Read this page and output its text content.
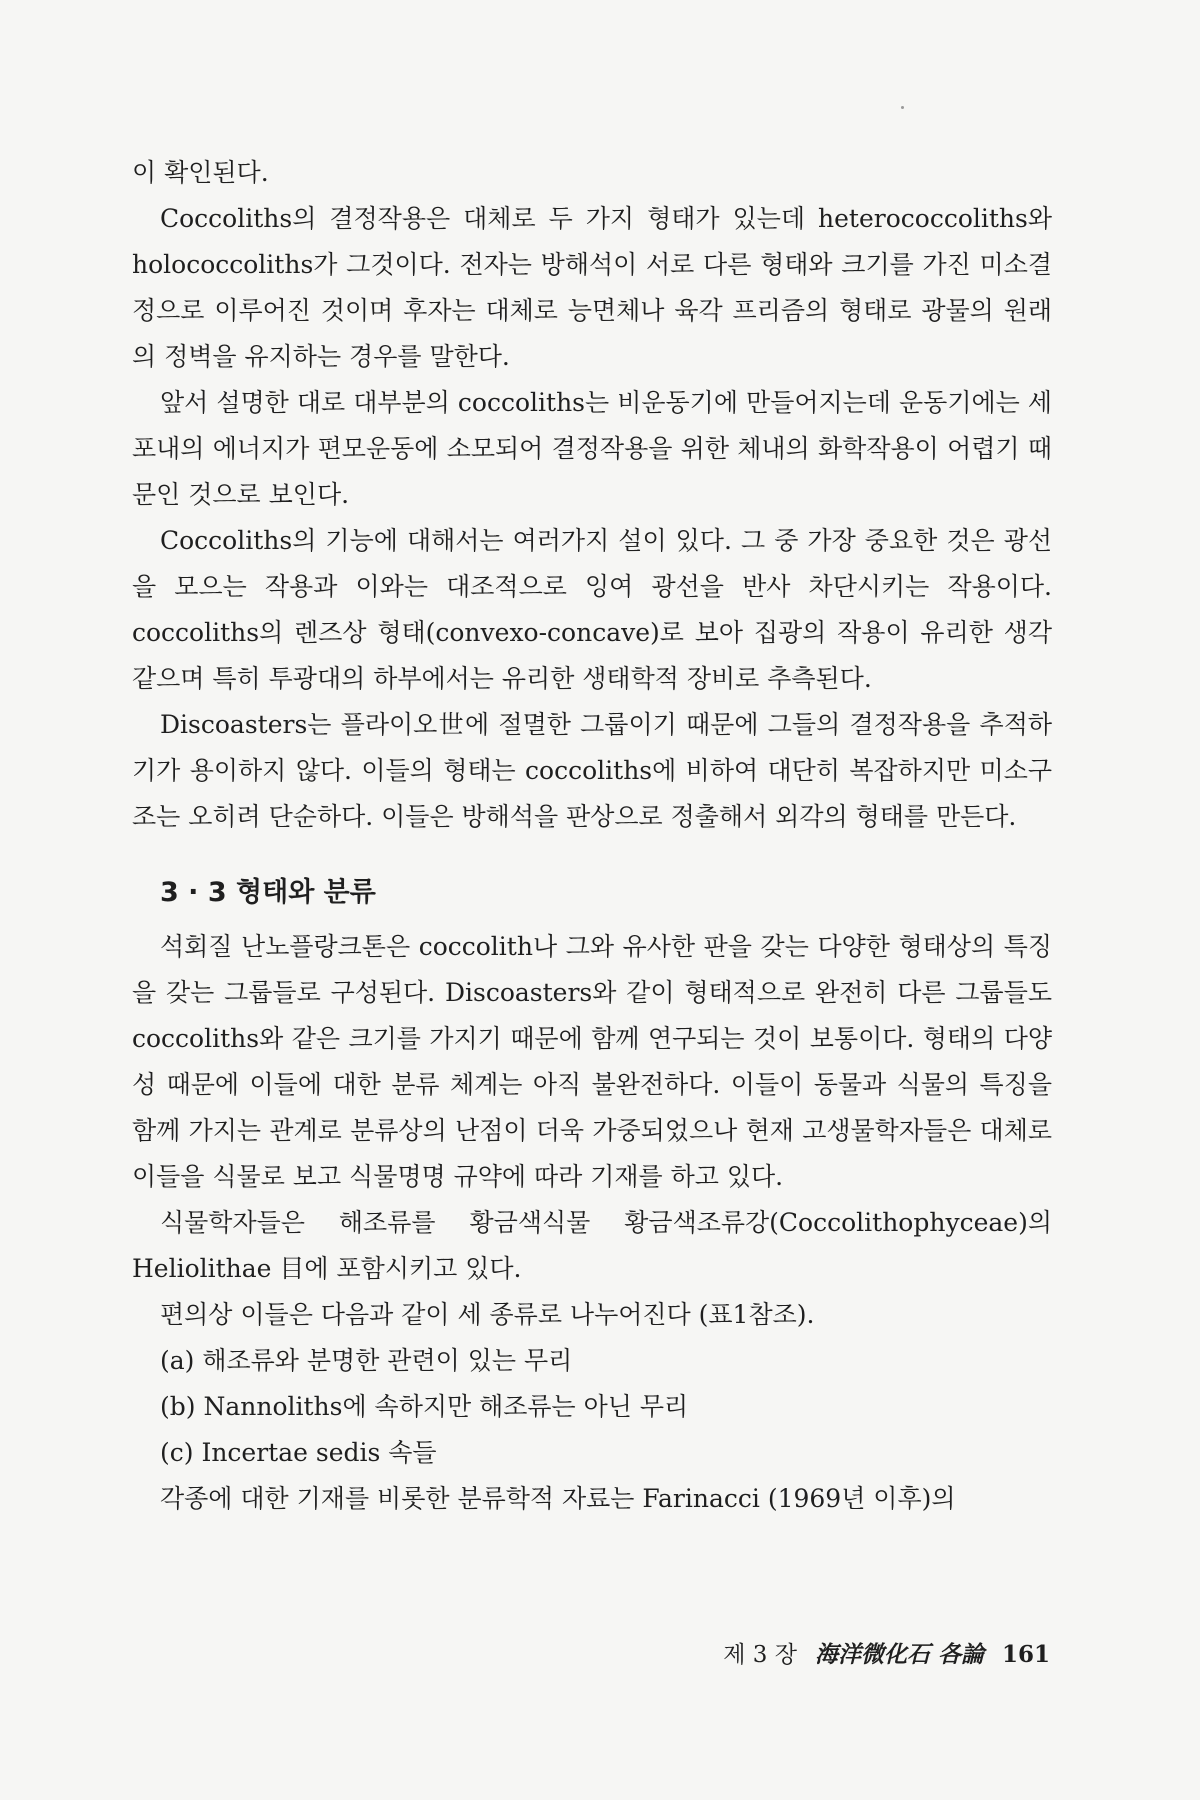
이 확인된다.

Coccoliths의 결정작용은 대체로 두 가지 형태가 있는데 heterococcoliths와 holococcoliths가 그것이다. 전자는 방해석이 서로 다른 형태와 크기를 가진 미소결정으로 이루어진 것이며 후자는 대체로 능면체나 육각 프리즘의 형태로 광물의 원래의 정벽을 유지하는 경우를 말한다.

앞서 설명한 대로 대부분의 coccoliths는 비운동기에 만들어지는데 운동기에는 세포내의 에너지가 편모운동에 소모되어 결정작용을 위한 체내의 화학작용이 어렵기 때문인 것으로 보인다.

Coccoliths의 기능에 대해서는 여러가지 설이 있다. 그 중 가장 중요한 것은 광선을 모으는 작용과 이와는 대조적으로 잉여 광선을 반사 차단시키는 작용이다. coccoliths의 렌즈상 형태(convexo-concave)로 보아 집광의 작용이 유리한 생각 같으며 특히 투광대의 하부에서는 유리한 생태학적 장비로 추측된다.

Discoasters는 플라이오世에 절멸한 그룹이기 때문에 그들의 결정작용을 추적하기가 용이하지 않다. 이들의 형태는 coccoliths에 비하여 대단히 복잡하지만 미소구조는 오히려 단순하다. 이들은 방해석을 판상으로 정출해서 외각의 형태를 만든다.

3 · 3 형태와 분류

석회질 난노플랑크톤은 coccolith나 그와 유사한 판을 갖는 다양한 형태상의 특징을 갖는 그룹들로 구성된다. Discoasters와 같이 형태적으로 완전히 다른 그룹들도 coccoliths와 같은 크기를 가지기 때문에 함께 연구되는 것이 보통이다. 형태의 다양성 때문에 이들에 대한 분류 체계는 아직 불완전하다. 이들이 동물과 식물의 특징을 함께 가지는 관계로 분류상의 난점이 더욱 가중되었으나 현재 고생물학자들은 대체로 이들을 식물로 보고 식물명명 규약에 따라 기재를 하고 있다.

식물학자들은 해조류를 황금색식물 황금색조류강(Coccolithophyceae)의 Heliolithae 目에 포함시키고 있다.

편의상 이들은 다음과 같이 세 종류로 나누어진다 (표1참조).

(a) 해조류와 분명한 관련이 있는 무리

(b) Nannoliths에 속하지만 해조류는 아닌 무리

(c) Incertae sedis 속들

각종에 대한 기재를 비롯한 분류학적 자료는 Farinacci (1969년 이후)의

제 3 장 海洋微化石 各論 161
